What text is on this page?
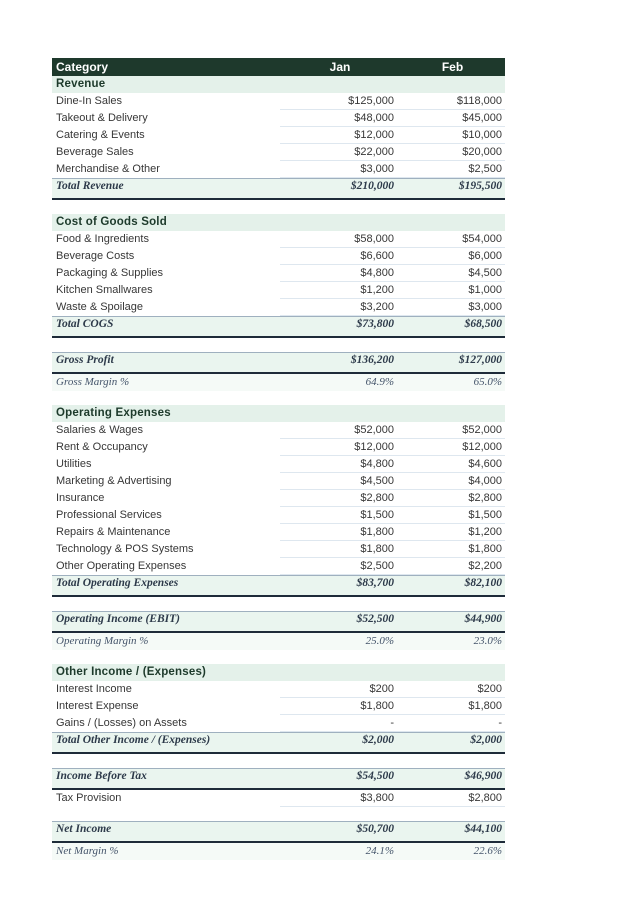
Category	Jan	Feb
Revenue
Dine-In Sales	$125,000	$118,000
Takeout & Delivery	$48,000	$45,000
Catering & Events	$12,000	$10,000
Beverage Sales	$22,000	$20,000
Merchandise & Other	$3,000	$2,500
Total Revenue	$210,000	$195,500
Cost of Goods Sold
Food & Ingredients	$58,000	$54,000
Beverage Costs	$6,600	$6,000
Packaging & Supplies	$4,800	$4,500
Kitchen Smallwares	$1,200	$1,000
Waste & Spoilage	$3,200	$3,000
Total COGS	$73,800	$68,500
Gross Profit	$136,200	$127,000
Gross Margin %	64.9%	65.0%
Operating Expenses
Salaries & Wages	$52,000	$52,000
Rent & Occupancy	$12,000	$12,000
Utilities	$4,800	$4,600
Marketing & Advertising	$4,500	$4,000
Insurance	$2,800	$2,800
Professional Services	$1,500	$1,500
Repairs & Maintenance	$1,800	$1,200
Technology & POS Systems	$1,800	$1,800
Other Operating Expenses	$2,500	$2,200
Total Operating Expenses	$83,700	$82,100
Operating Income (EBIT)	$52,500	$44,900
Operating Margin %	25.0%	23.0%
Other Income / (Expenses)
Interest Income	$200	$200
Interest Expense	$1,800	$1,800
Gains / (Losses) on Assets	-	-
Total Other Income / (Expenses)	$2,000	$2,000
Income Before Tax	$54,500	$46,900
Tax Provision	$3,800	$2,800
Net Income	$50,700	$44,100
Net Margin %	24.1%	22.6%
